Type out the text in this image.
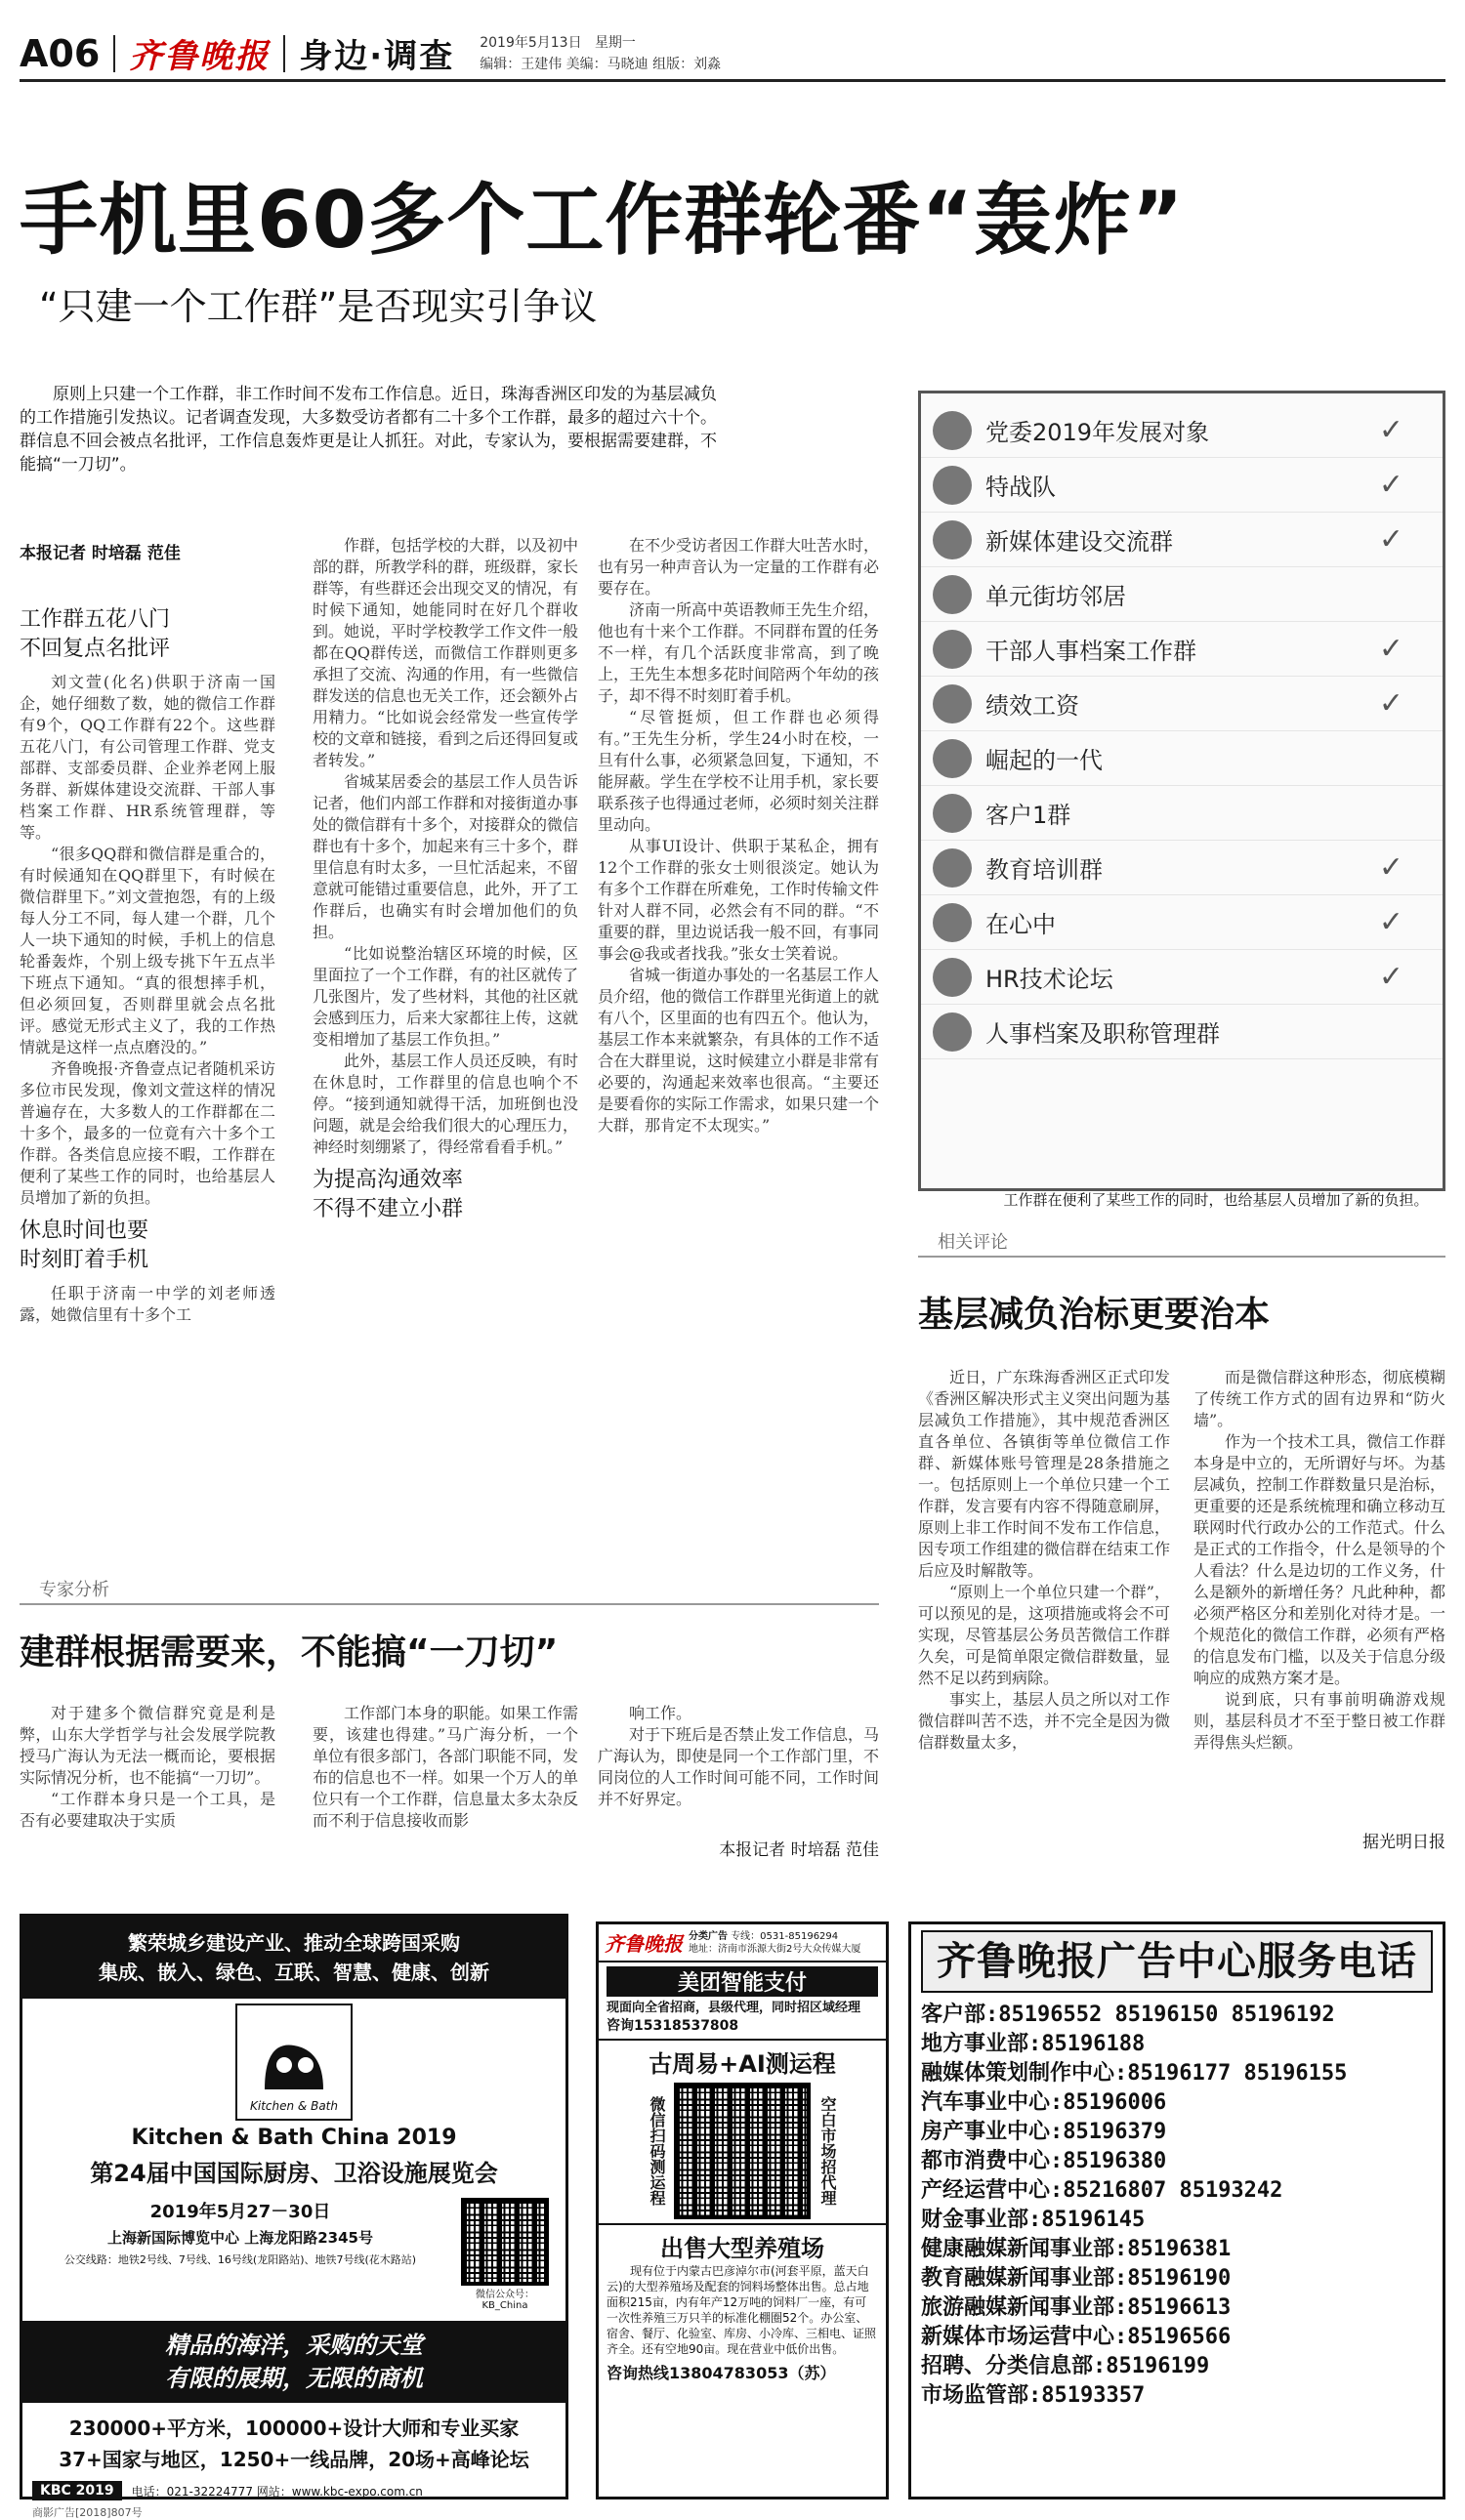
A06 齐鲁晚报 身边·调查 2019年5月13日 星期一
编辑：王建伟 美编：马晓迪 组版：刘淼
手机里60多个工作群轮番“轰炸”
“只建一个工作群”是否现实引争议
原则上只建一个工作群，非工作时间不发布工作信息。近日，珠海香洲区印发的为基层减负的工作措施引发热议。记者调查发现，大多数受访者都有二十多个工作群，最多的超过六十个。群信息不回会被点名批评，工作信息轰炸更是让人抓狂。对此，专家认为，要根据需要建群，不能搞“一刀切”。
本报记者 时培磊 范佳
工作群五花八门
不回复点名批评

刘文萱(化名)供职于济南一国企，她仔细数了数，她的微信工作群有9个，QQ工作群有22个。这些群五花八门，有公司管理工作群、党支部群、支部委员群、企业养老网上服务群、新媒体建设交流群、干部人事档案工作群、HR系统管理群，等等。

“很多QQ群和微信群是重合的，有时候通知在QQ群里下，有时候在微信群里下。”刘文萱抱怨，有的上级每人分工不同，每人建一个群，几个人一块下通知的时候，手机上的信息轮番轰炸，个别上级专挑下午五点半下班点下通知。“真的很想摔手机，但必须回复，否则群里就会点名批评。感觉无形式主义了，我的工作热情就是这样一点点磨没的。”

齐鲁晚报·齐鲁壹点记者随机采访多位市民发现，像刘文萱这样的情况普遍存在，大多数人的工作群都在二十多个，最多的一位竟有六十多个工作群。各类信息应接不暇，工作群在便利了某些工作的同时，也给基层人员增加了新的负担。

休息时间也要
时刻盯着手机

任职于济南一中学的刘老师透露，她微信里有十多个工

作群，包括学校的大群，以及初中部的群，所教学科的群，班级群，家长群等，有些群还会出现交叉的情况，有时候下通知，她能同时在好几个群收到。她说，平时学校教学工作文件一般都在QQ群传送，而微信工作群则更多承担了交流、沟通的作用，有一些微信群发送的信息也无关工作，还会额外占用精力。“比如说会经常发一些宣传学校的文章和链接，看到之后还得回复或者转发。”

省城某居委会的基层工作人员告诉记者，他们内部工作群和对接街道办事处的微信群有十多个，对接群众的微信群也有十多个，加起来有三十多个，群里信息有时太多，一旦忙活起来，不留意就可能错过重要信息，此外，开了工作群后，也确实有时会增加他们的负担。

“比如说整治辖区环境的时候，区里面拉了一个工作群，有的社区就传了几张图片，发了些材料，其他的社区就会感到压力，后来大家都往上传，这就变相增加了基层工作负担。”

此外，基层工作人员还反映，有时在休息时，工作群里的信息也响个不停。“接到通知就得干活，加班倒也没问题，就是会给我们很大的心理压力，神经时刻绷紧了，得经常看看手机。”

为提高沟通效率
不得不建立小群

在不少受访者因工作群大吐苦水时，也有另一种声音认为一定量的工作群有必要存在。

济南一所高中英语教师王先生介绍，他也有十来个工作群。不同群布置的任务不一样，有几个活跃度非常高，到了晚上，王先生本想多花时间陪两个年幼的孩子，却不得不时刻盯着手机。

“尽管挺烦，但工作群也必须得有。”王先生分析，学生24小时在校，一旦有什么事，必须紧急回复，下通知，不能屏蔽。学生在学校不让用手机，家长要联系孩子也得通过老师，必须时刻关注群里动向。

从事UI设计、供职于某私企，拥有12个工作群的张女士则很淡定。她认为有多个工作群在所难免，工作时传输文件针对人群不同，必然会有不同的群。“不重要的群，里边说话我一般不回，有事同事会@我或者找我。”张女士笑着说。

省城一街道办事处的一名基层工作人员介绍，他的微信工作群里光街道上的就有八个，区里面的也有四五个。他认为，基层工作本来就繁杂，有具体的工作不适合在大群里说，这时候建立小群是非常有必要的，沟通起来效率也很高。“主要还是要看你的实际工作需求，如果只建一个大群，那肯定不太现实。”

党委2019年发展对象	✓
特战队	✓
新媒体建设交流群	✓
单元街坊邻居
干部人事档案工作群	✓
绩效工资	✓
崛起的一代
客户1群
教育培训群	✓
在心中	✓
HR技术论坛	✓
人事档案及职称管理群
工作群在便利了某些工作的同时，也给基层人员增加了新的负担。
相关评论
基层减负治标更要治本

近日，广东珠海香洲区正式印发《香洲区解决形式主义突出问题为基层减负工作措施》，其中规范香洲区直各单位、各镇街等单位微信工作群、新媒体账号管理是28条措施之一。包括原则上一个单位只建一个工作群，发言要有内容不得随意刷屏，原则上非工作时间不发布工作信息，因专项工作组建的微信群在结束工作后应及时解散等。

“原则上一个单位只建一个群”，可以预见的是，这项措施或将会不可实现，尽管基层公务员苦微信工作群久矣，可是简单限定微信群数量，显然不足以药到病除。

事实上，基层人员之所以对工作微信群叫苦不迭，并不完全是因为微信群数量太多，

而是微信群这种形态，彻底模糊了传统工作方式的固有边界和“防火墙”。

作为一个技术工具，微信工作群本身是中立的，无所谓好与坏。为基层减负，控制工作群数量只是治标，更重要的还是系统梳理和确立移动互联网时代行政办公的工作范式。什么是正式的工作指令，什么是领导的个人看法？什么是边切的工作义务，什么是额外的新增任务？凡此种种，都必须严格区分和差别化对待才是。一个规范化的微信工作群，必须有严格的信息发布门槛，以及关于信息分级响应的成熟方案才是。

说到底，只有事前明确游戏规则，基层科员才不至于整日被工作群弄得焦头烂额。

据光明日报
专家分析
建群根据需要来，不能搞“一刀切”

对于建多个微信群究竟是利是弊，山东大学哲学与社会发展学院教授马广海认为无法一概而论，要根据实际情况分析，也不能搞“一刀切”。

“工作群本身只是一个工具，是否有必要建取决于实质

工作部门本身的职能。如果工作需要，该建也得建。”马广海分析，一个单位有很多部门，各部门职能不同，发布的信息也不一样。如果一个万人的单位只有一个工作群，信息量太多太杂反而不利于信息接收而影

响工作。

对于下班后是否禁止发工作信息，马广海认为，即使是同一个工作部门里，不同岗位的人工作时间可能不同，工作时间并不好界定。

本报记者 时培磊 范佳
繁荣城乡建设产业、推动全球跨国采购
集成、嵌入、绿色、互联、智慧、健康、创新
Kitchen & Bath
Kitchen & Bath China 2019
第24届中国国际厨房、卫浴设施展览会
2019年5月27－30日
上海新国际博览中心 上海龙阳路2345号
公交线路：地铁2号线、7号线、16号线(龙阳路站)、地铁7号线(花木路站)
微信公众号：KB_China
精品的海洋，采购的天堂
有限的展期，无限的商机
230000+平方米，100000+设计大师和专业买家
37+国家与地区，1250+一线品牌，20场+高峰论坛
KBC 2019	电话：021-32224777 网站：www.kbc-expo.com.cn
商影广告[2018]807号
齐鲁晚报 分类广告 专线：0531-85196294
地址：济南市泺源大街2号大众传媒大厦
美团智能支付
现面向全省招商，县级代理，同时招区域经理
咨询15318537808
古周易+AI测运程
微信扫码测运程	空白市场招代理
出售大型养殖场
现有位于内蒙古巴彦淖尔市(河套平原，蓝天白云)的大型养殖场及配套的饲料场整体出售。总占地面积215亩，内有年产12万吨的饲料厂一座，有可一次性养殖三万只羊的标准化棚圈52个。办公室、宿舍、餐厅、化验室、库房、小冷库、三相电、证照齐全。还有空地90亩。现在营业中低价出售。
咨询热线13804783053（苏）
齐鲁晚报广告中心服务电话
客户部:85196552 85196150 85196192
地方事业部:85196188
融媒体策划制作中心:85196177 85196155
汽车事业中心:85196006
房产事业中心:85196379
都市消费中心:85196380
产经运营中心:85216807 85193242
财金事业部:85196145
健康融媒新闻事业部:85196381
教育融媒新闻事业部:85196190
旅游融媒新闻事业部:85196613
新媒体市场运营中心:85196566
招聘、分类信息部:85196199
市场监管部:85193357
